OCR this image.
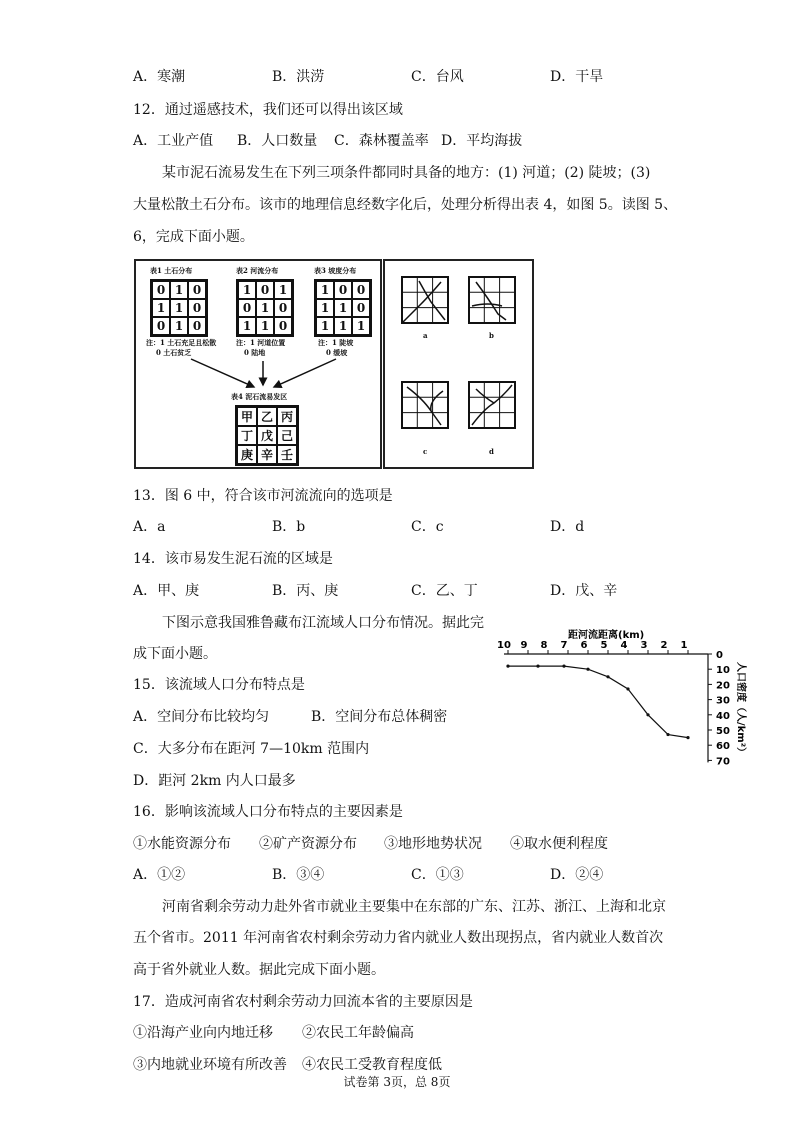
A．寒潮	B．洪涝	C．台风	D．干旱
12．通过遥感技术，我们还可以得出该区域
A．工业产值 B．人口数量 C．森林覆盖率 D．平均海拔
某市泥石流易发生在下列三项条件都同时具备的地方：(1) 河道；(2) 陡坡；(3)
大量松散土石分布。该市的地理信息经数字化后，处理分析得出表 4，如图 5。读图 5、
6，完成下面小题。
表1 土石分布
0 1 0
1 1 0
0 1 0
注：1 土石充足且松散
0 土石贫乏
表2 河流分布
1 0 1
0 1 0
1 1 0
注：1 河道位置
0 陆地
表3 坡度分布
1 0 0
1 1 0
1 1 1
注：1 陡坡
0 缓坡
表4 泥石流易发区
甲 乙 丙
丁 戊 己
庚 辛 壬
a	b
c	d
13．图 6 中，符合该市河流流向的选项是
A．a	B．b	C．c	D．d
14．该市易发生泥石流的区域是
A．甲、庚	B．丙、庚	C．乙、丁	D．戊、辛
下图示意我国雅鲁藏布江流域人口分布情况。据此完
成下面小题。
10 9 8 7 6 5 4 3 2 1
0
10
20
30
40
50
60
70
距河流距离(km)
人口密度（人/km²）
15．该流域人口分布特点是
A．空间分布比较均匀	B．空间分布总体稠密
C．大多分布在距河 7—10km 范围内
D．距河 2km 内人口最多
16．影响该流域人口分布特点的主要因素是
①水能资源分布 ②矿产资源分布 ③地形地势状况 ④取水便利程度
A．①②	B．③④	C．①③	D．②④
河南省剩余劳动力赴外省市就业主要集中在东部的广东、江苏、浙江、上海和北京
五个省市。2011 年河南省农村剩余劳动力省内就业人数出现拐点，省内就业人数首次
高于省外就业人数。据此完成下面小题。
17．造成河南省农村剩余劳动力回流本省的主要原因是
①沿海产业向内地迁移 ②农民工年龄偏高
③内地就业环境有所改善 ④农民工受教育程度低
试卷第 3页，总 8页
